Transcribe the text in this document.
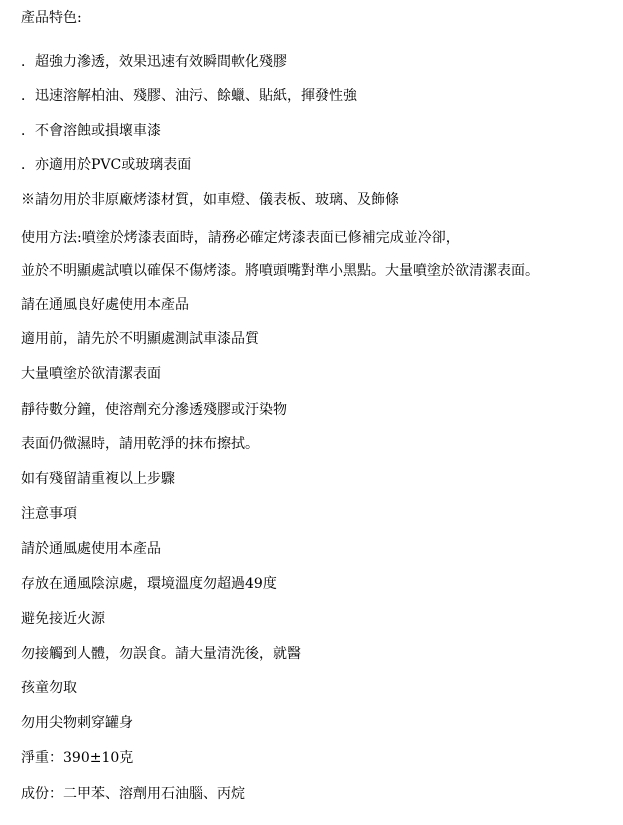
產品特色:
．超強力滲透，效果迅速有效瞬間軟化殘膠
．迅速溶解柏油、殘膠、油污、餘蠟、貼紙，揮發性強
．不會溶蝕或損壞車漆
．亦適用於PVC或玻璃表面
※請勿用於非原廠烤漆材質，如車燈、儀表板、玻璃、及飾條
使用方法:噴塗於烤漆表面時，請務必確定烤漆表面已修補完成並冷卻，
並於不明顯處試噴以確保不傷烤漆。將噴頭嘴對準小黑點。大量噴塗於欲清潔表面。
請在通風良好處使用本產品
適用前，請先於不明顯處測試車漆品質
大量噴塗於欲清潔表面
靜待數分鐘，使溶劑充分滲透殘膠或汙染物
表面仍微濕時，請用乾淨的抹布擦拭。
如有殘留請重複以上步驟
注意事項
請於通風處使用本產品
存放在通風陰涼處，環境溫度勿超過49度
避免接近火源
勿接觸到人體，勿誤食。請大量清洗後，就醫
孩童勿取
勿用尖物刺穿罐身
淨重：390±10克
成份：二甲苯、溶劑用石油腦、丙烷
